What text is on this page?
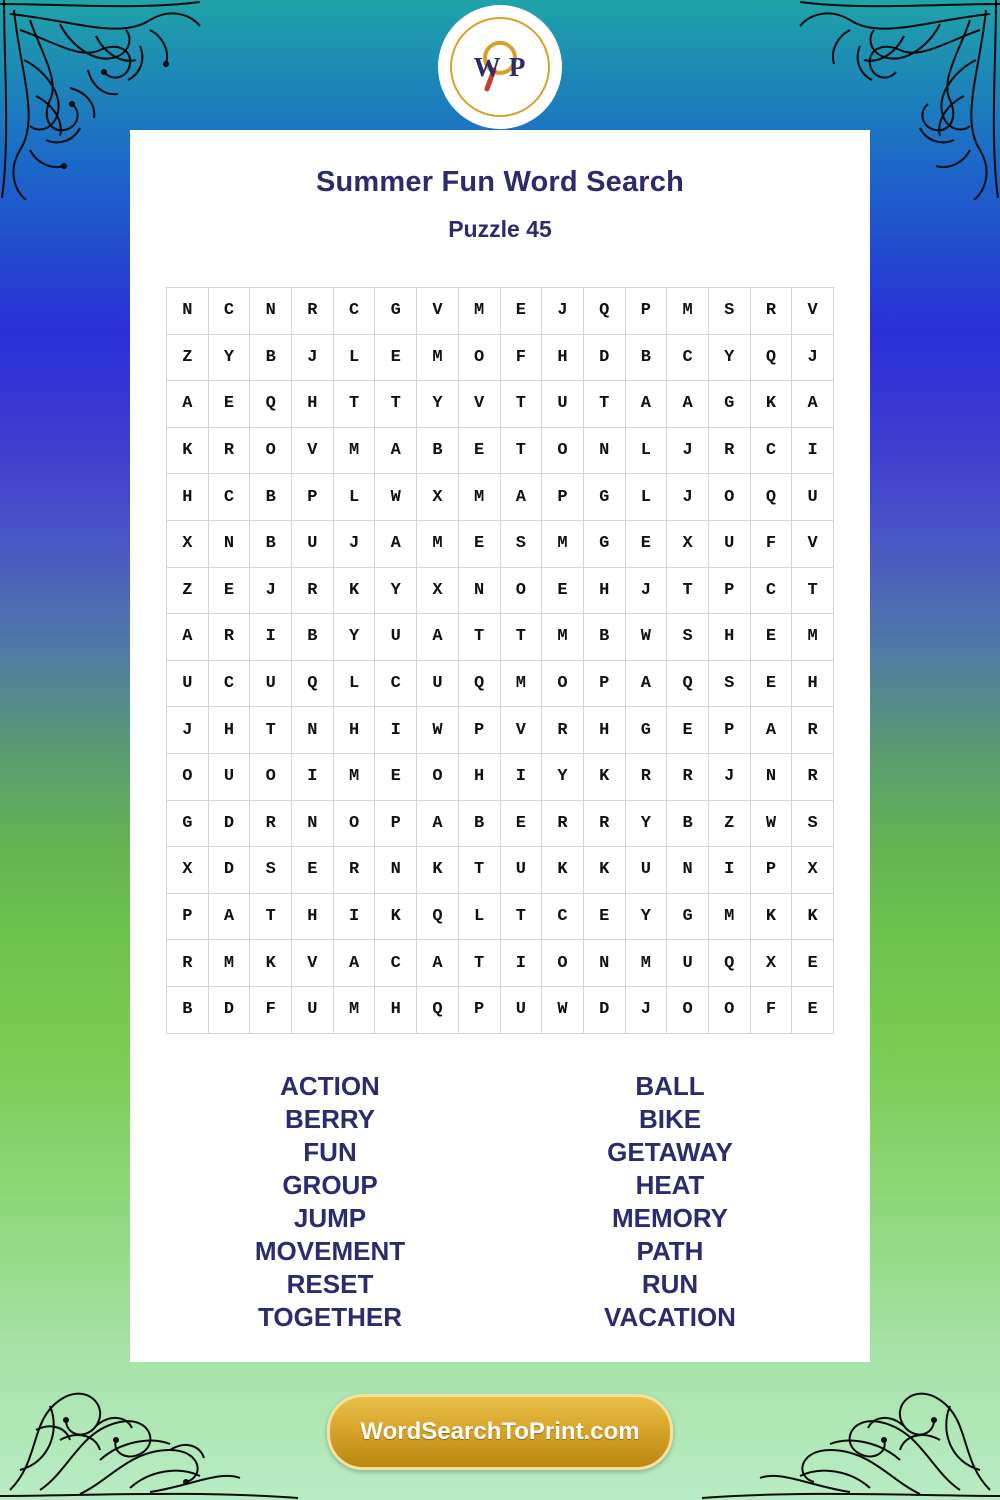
W P
Summer Fun Word Search
Puzzle 45
N	C	N	R	C	G	V	M	E	J	Q	P	M	S	R	V
Z	Y	B	J	L	E	M	O	F	H	D	B	C	Y	Q	J
A	E	Q	H	T	T	Y	V	T	U	T	A	A	G	K	A
K	R	O	V	M	A	B	E	T	O	N	L	J	R	C	I
H	C	B	P	L	W	X	M	A	P	G	L	J	O	Q	U
X	N	B	U	J	A	M	E	S	M	G	E	X	U	F	V
Z	E	J	R	K	Y	X	N	O	E	H	J	T	P	C	T
A	R	I	B	Y	U	A	T	T	M	B	W	S	H	E	M
U	C	U	Q	L	C	U	Q	M	O	P	A	Q	S	E	H
J	H	T	N	H	I	W	P	V	R	H	G	E	P	A	R
O	U	O	I	M	E	O	H	I	Y	K	R	R	J	N	R
G	D	R	N	O	P	A	B	E	R	R	Y	B	Z	W	S
X	D	S	E	R	N	K	T	U	K	K	U	N	I	P	X
P	A	T	H	I	K	Q	L	T	C	E	Y	G	M	K	K
R	M	K	V	A	C	A	T	I	O	N	M	U	Q	X	E
B	D	F	U	M	H	Q	P	U	W	D	J	O	O	F	E
ACTION
BERRY
FUN
GROUP
JUMP
MOVEMENT
RESET
TOGETHER
BALL
BIKE
GETAWAY
HEAT
MEMORY
PATH
RUN
VACATION
WordSearchToPrint.com
